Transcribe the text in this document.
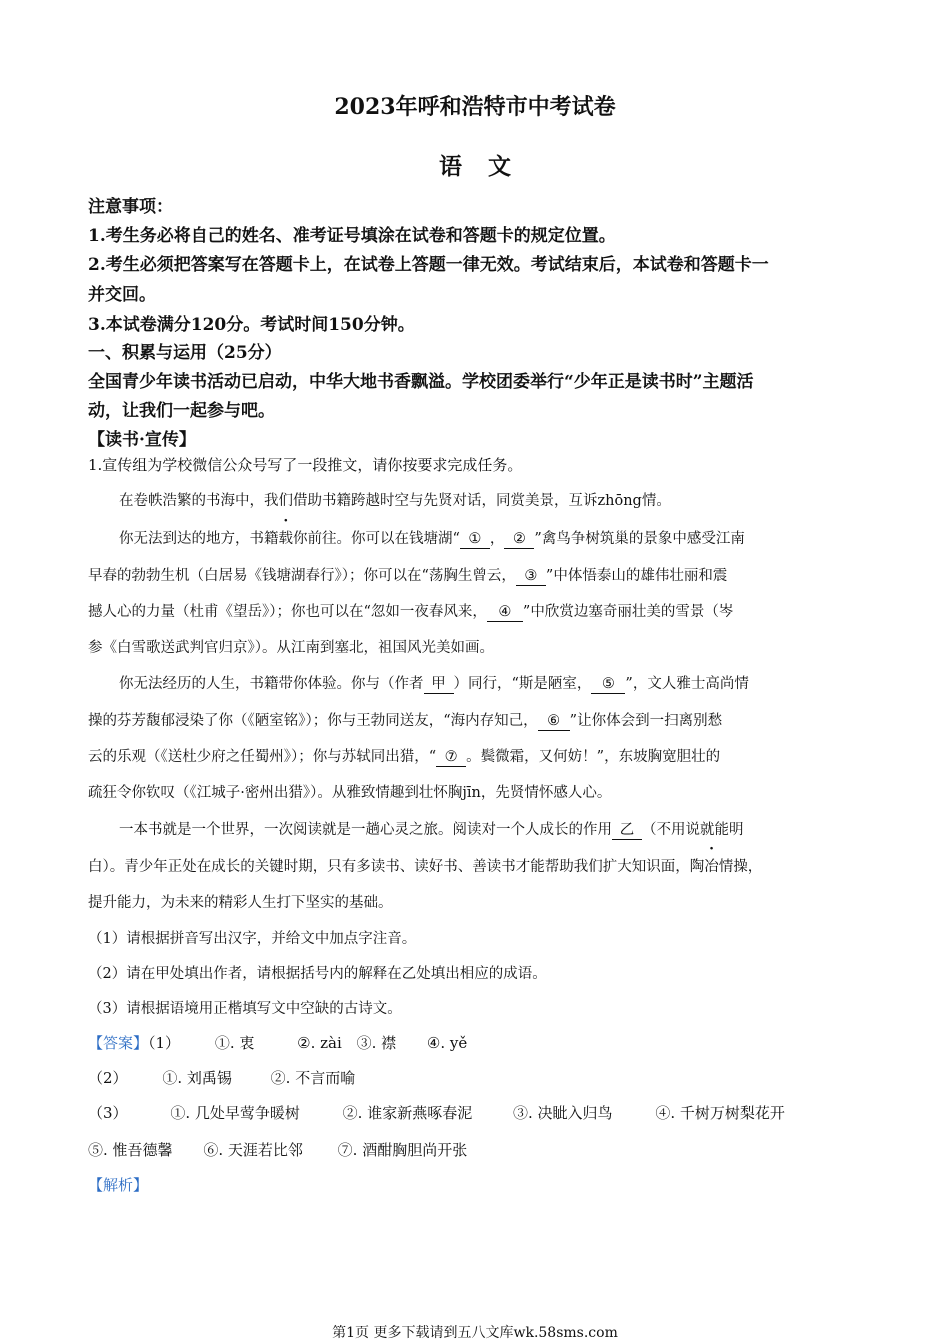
2023年呼和浩特市中考试卷
语文
注意事项：
1.考生务必将自己的姓名、准考证号填涂在试卷和答题卡的规定位置。
2.考生必须把答案写在答题卡上，在试卷上答题一律无效。考试结束后，本试卷和答题卡一
并交回。
3.本试卷满分120分。考试时间150分钟。
一、积累与运用（25分）
全国青少年读书活动已启动，中华大地书香飘溢。学校团委举行“少年正是读书时”主题活
动，让我们一起参与吧。
【读书·宣传】
1.宣传组为学校微信公众号写了一段推文，请你按要求完成任务。
在卷帙浩繁的书海中，我们借助书籍跨越时空与先贤对话，同赏美景，互诉zhōng情。
你无法到达的地方，书籍载你前往。你可以在钱塘湖“ ① ， ② ”禽鸟争树筑巢的景象中感受江南
早春的勃勃生机（白居易《钱塘湖春行》）；你可以在“荡胸生曾云， ③ ”中体悟泰山的雄伟壮丽和震
撼人心的力量（杜甫《望岳》）；你也可以在“忽如一夜春风来， ④ ”中欣赏边塞奇丽壮美的雪景（岑
参《白雪歌送武判官归京》）。从江南到塞北，祖国风光美如画。
你无法经历的人生，书籍带你体验。你与（作者 甲 ）同行，“斯是陋室， ⑤ ”，文人雅士高尚情
操的芬芳馥郁浸染了你（《陋室铭》）；你与王勃同送友，“海内存知己， ⑥ ”让你体会到一扫离别愁
云的乐观（《送杜少府之任蜀州》）；你与苏轼同出猎，“ ⑦ 。鬓微霜，又何妨！”，东坡胸宽胆壮的
疏狂令你钦叹（《江城子·密州出猎》）。从雅致情趣到壮怀胸jīn，先贤情怀感人心。
一本书就是一个世界，一次阅读就是一趟心灵之旅。阅读对一个人成长的作用 乙 （不用说就能明
白）。青少年正处在成长的关键时期，只有多读书、读好书、善读书才能帮助我们扩大知识面，陶冶情操，
提升能力，为未来的精彩人生打下坚实的基础。
（1）请根据拼音写出汉字，并给文中加点字注音。
（2）请在甲处填出作者，请根据括号内的解释在乙处填出相应的成语。
（3）请根据语境用正楷填写文中空缺的古诗文。
【答案】（1） ①. 衷	②. zài ③. 襟 ④. yě
（2） ①. 刘禹锡	②. 不言而喻
（3）	①. 几处早莺争暖树	②. 谁家新燕啄春泥	③. 决眦入归鸟	④. 千树万树梨花开
⑤. 惟吾德馨 ⑥. 天涯若比邻 ⑦. 酒酣胸胆尚开张
【解析】
第1页 更多下载请到五八文库wk.58sms.com
